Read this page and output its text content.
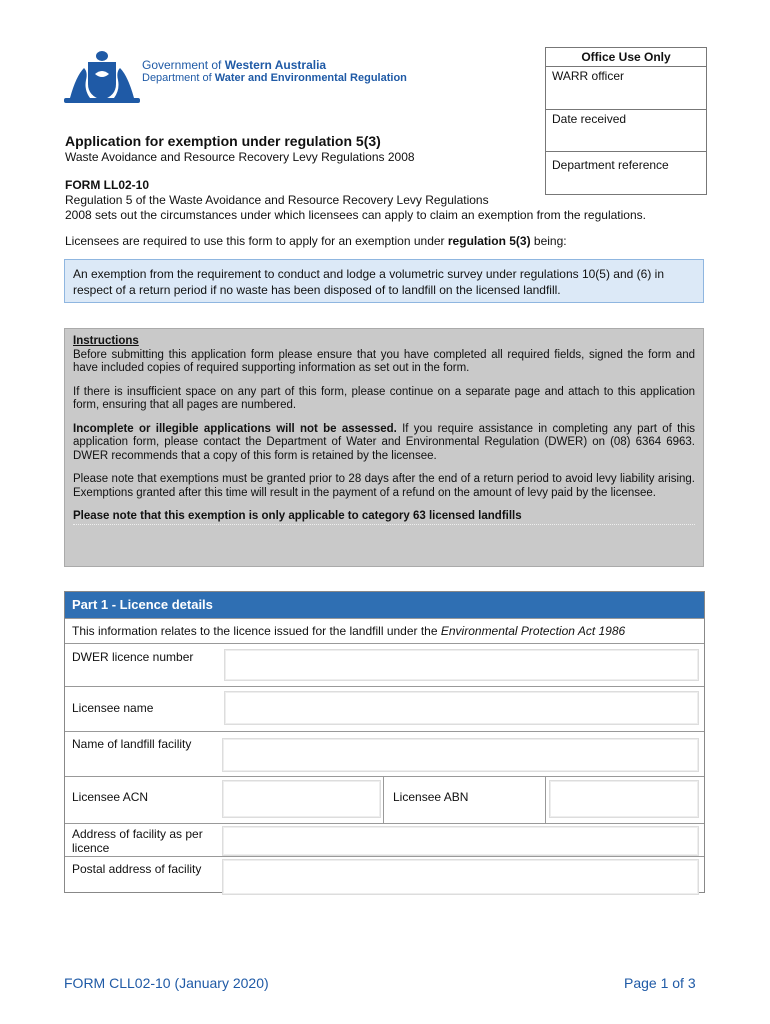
Government of Western Australia
Department of Water and Environmental Regulation
Office Use Only
WARR officer
Date received
Department reference
Application for exemption under regulation 5(3)
Waste Avoidance and Resource Recovery Levy Regulations 2008
FORM LL02-10
Regulation 5 of the Waste Avoidance and Resource Recovery Levy Regulations
2008 sets out the circumstances under which licensees can apply to claim an exemption from the regulations.
Licensees are required to use this form to apply for an exemption under regulation 5(3) being:
An exemption from the requirement to conduct and lodge a volumetric survey under regulations 10(5) and (6) in respect of a return period if no waste has been disposed of to landfill on the licensed landfill.
Instructions

Before submitting this application form please ensure that you have completed all required fields, signed the form and have included copies of required supporting information as set out in the form.

If there is insufficient space on any part of this form, please continue on a separate page and attach to this application form, ensuring that all pages are numbered.

Incomplete or illegible applications will not be assessed. If you require assistance in completing any part of this application form, please contact the Department of Water and Environmental Regulation (DWER) on (08) 6364 6963. DWER recommends that a copy of this form is retained by the licensee.

Please note that exemptions must be granted prior to 28 days after the end of a return period to avoid levy liability arising. Exemptions granted after this time will result in the payment of a refund on the amount of levy paid by the licensee.

Please note that this exemption is only applicable to category 63 licensed landfills

Part 1 - Licence details
This information relates to the licence issued for the landfill under the Environmental Protection Act 1986
DWER licence number
Licensee name
Name of landfill facility
Licensee ACN	Licensee ABN
Address of facility as per licence
Postal address of facility
FORM CLL02-10 (January 2020)	Page 1 of 3
